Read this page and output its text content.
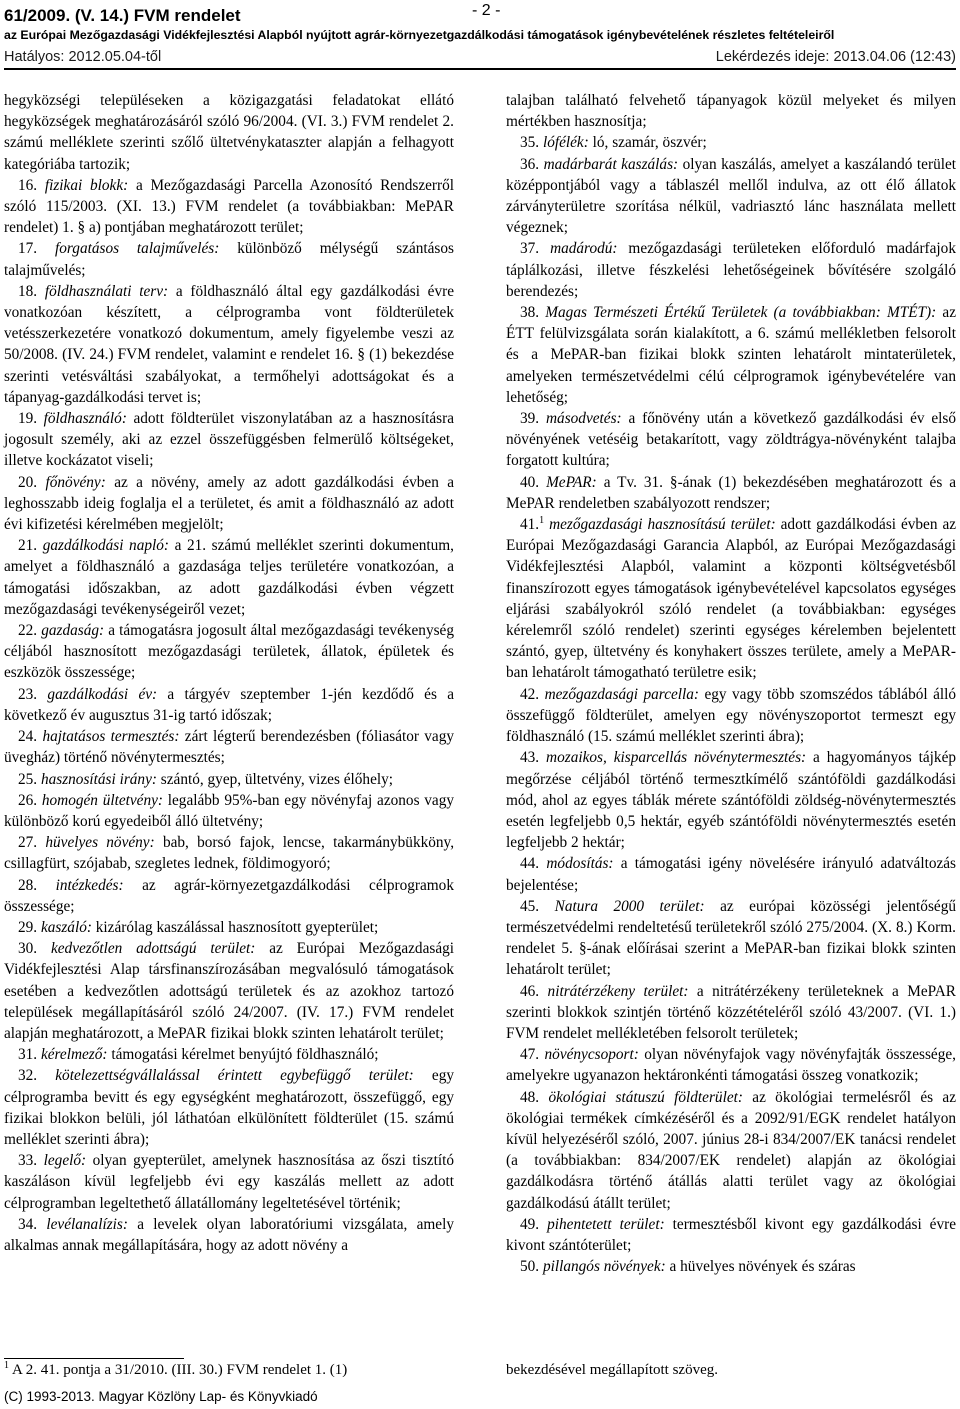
61/2009. (V. 14.) FVM rendelet	- 2 -
az Európai Mezőgazdasági Vidékfejlesztési Alapból nyújtott agrár-környezetgazdálkodási támogatások igénybevételének részletes feltételeiről
Hatályos: 2012.05.04-től	Lekérdezés ideje: 2013.04.06 (12:43)

hegyközségi településeken a közigazgatási feladatokat ellátó hegyközségek meghatározásáról szóló 96/2004. (VI. 3.) FVM rendelet 2. számú melléklete szerinti szőlő ültetvénykataszter alapján a felhagyott kategóriába tartozik;

16. fizikai blokk: a Mezőgazdasági Parcella Azonosító Rendszerről szóló 115/2003. (XI. 13.) FVM rendelet (a továbbiakban: MePAR rendelet) 1. § a) pontjában meghatározott terület;

17. forgatásos talajművelés: különböző mélységű szántásos talajművelés;

18. földhasználati terv: a földhasználó által egy gazdálkodási évre vonatkozóan készített, a célprogramba vont földterületek vetésszerkezetére vonatkozó dokumentum, amely figyelembe veszi az 50/2008. (IV. 24.) FVM rendelet, valamint e rendelet 16. § (1) bekezdése szerinti vetésváltási szabályokat, a termőhelyi adottságokat és a tápanyag-gazdálkodási tervet is;

19. földhasználó: adott földterület viszonylatában az a hasznosításra jogosult személy, aki az ezzel összefüggésben felmerülő költségeket, illetve kockázatot viseli;

20. főnövény: az a növény, amely az adott gazdálkodási évben a leghosszabb ideig foglalja el a területet, és amit a földhasználó az adott évi kifizetési kérelmében megjelölt;

21. gazdálkodási napló: a 21. számú melléklet szerinti dokumentum, amelyet a földhasználó a gazdasága teljes területére vonatkozóan, a támogatási időszakban, az adott gazdálkodási évben végzett mezőgazdasági tevékenységeiről vezet;

22. gazdaság: a támogatásra jogosult által mezőgazdasági tevékenység céljából hasznosított mezőgazdasági területek, állatok, épületek és eszközök összessége;

23. gazdálkodási év: a tárgyév szeptember 1-jén kezdődő és a következő év augusztus 31-ig tartó időszak;

24. hajtatásos termesztés: zárt légterű berendezésben (fóliasátor vagy üvegház) történő növénytermesztés;

25. hasznosítási irány: szántó, gyep, ültetvény, vizes élőhely;

26. homogén ültetvény: legalább 95%-ban egy növényfaj azonos vagy különböző korú egyedeiből álló ültetvény;

27. hüvelyes növény: bab, borsó fajok, lencse, takarmánybükköny, csillagfürt, szójabab, szegletes lednek, földimogyoró;

28. intézkedés: az agrár-környezetgazdálkodási célprogramok összessége;

29. kaszáló: kizárólag kaszálással hasznosított gyepterület;

30. kedvezőtlen adottságú terület: az Európai Mezőgazdasági Vidékfejlesztési Alap társfinanszírozásában megvalósuló támogatások esetében a kedvezőtlen adottságú területek és az azokhoz tartozó települések megállapításáról szóló 24/2007. (IV. 17.) FVM rendelet alapján meghatározott, a MePAR fizikai blokk szinten lehatárolt terület;

31. kérelmező: támogatási kérelmet benyújtó földhasználó;

32. kötelezettségvállalással érintett egybefüggő terület: egy célprogramba bevitt és egy egységként meghatározott, összefüggő, egy fizikai blokkon belüli, jól láthatóan elkülönített földterület (15. számú melléklet szerinti ábra);

33. legelő: olyan gyepterület, amelynek hasznosítása az őszi tisztító kaszáláson kívül legfeljebb évi egy kaszálás mellett az adott célprogramban legeltethető állatállomány legeltetésével történik;

34. levélanalízis: a levelek olyan laboratóriumi vizsgálata, amely alkalmas annak megállapítására, hogy az adott növény a

talajban található felvehető tápanyagok közül melyeket és milyen mértékben hasznosítja;

35. lófélék: ló, szamár, öszvér;

36. madárbarát kaszálás: olyan kaszálás, amelyet a kaszálandó terület középpontjából vagy a táblaszél mellől indulva, az ott élő állatok zárványterületre szorítása nélkül, vadriasztó lánc használata mellett végeznek;

37. madárodú: mezőgazdasági területeken előforduló madárfajok táplálkozási, illetve fészkelési lehetőségeinek bővítésére szolgáló berendezés;

38. Magas Természeti Értékű Területek (a továbbiakban: MTÉT): az ÉTT felülvizsgálata során kialakított, a 6. számú mellékletben felsorolt és a MePAR-ban fizikai blokk szinten lehatárolt mintaterületek, amelyeken természetvédelmi célú célprogramok igénybevételére van lehetőség;

39. másodvetés: a főnövény után a következő gazdálkodási év első növényének vetéséig betakarított, vagy zöldtrágya-növényként talajba forgatott kultúra;

40. MePAR: a Tv. 31. §-ának (1) bekezdésében meghatározott és a MePAR rendeletben szabályozott rendszer;

41.$^1$ mezőgazdasági hasznosítású terület: adott gazdálkodási évben az Európai Mezőgazdasági Garancia Alapból, az Európai Mezőgazdasági Vidékfejlesztési Alapból, valamint a központi költségvetésből finanszírozott egyes támogatások igénybevételével kapcsolatos egységes eljárási szabályokról szóló rendelet (a továbbiakban: egységes kérelemről szóló rendelet) szerinti egységes kérelemben bejelentett szántó, gyep, ültetvény és konyhakert összes területe, amely a MePAR-ban lehatárolt támogatható területre esik;

42. mezőgazdasági parcella: egy vagy több szomszédos táblából álló összefüggő földterület, amelyen egy növényszoportot termeszt egy földhasználó (15. számú melléklet szerinti ábra);

43. mozaikos, kisparcellás növénytermesztés: a hagyományos tájkép megőrzése céljából történő termesztkímélő szántóföldi gazdálkodási mód, ahol az egyes táblák mérete szántóföldi zöldség-növénytermesztés esetén legfeljebb 0,5 hektár, egyéb szántóföldi növénytermesztés esetén legfeljebb 2 hektár;

44. módosítás: a támogatási igény növelésére irányuló adatváltozás bejelentése;

45. Natura 2000 terület: az európai közösségi jelentőségű természetvédelmi rendeltetésű területekről szóló 275/2004. (X. 8.) Korm. rendelet 5. §-ának előírásai szerint a MePAR-ban fizikai blokk szinten lehatárolt terület;

46. nitrátérzékeny terület: a nitrátérzékeny területeknek a MePAR szerinti blokkok szintjén történő közzétételéről szóló 43/2007. (VI. 1.) FVM rendelet mellékletében felsorolt területek;

47. növénycsoport: olyan növényfajok vagy növényfajták összessége, amelyekre ugyanazon hektáronkénti támogatási összeg vonatkozik;

48. ökológiai státuszú földterület: az ökológiai termelésről és az ökológiai termékek címkézéséről és a 2092/91/EGK rendelet hatályon kívül helyezéséről szóló, 2007. június 28-i 834/2007/EK tanácsi rendelet (a továbbiakban: 834/2007/EK rendelet) alapján az ökológiai gazdálkodásra történő átállás alatti terület vagy az ökológiai gazdálkodású átállt terület;

49. pihentetett terület: termesztésből kivont egy gazdálkodási évre kivont szántóterület;

50. pillangós növények: a hüvelyes növények és száras

$^1$ A 2. 41. pontja a 31/2010. (III. 30.) FVM rendelet 1. (1)	bekezdésével megállapított szöveg.
(C) 1993-2013. Magyar Közlöny Lap- és Könyvkiadó
